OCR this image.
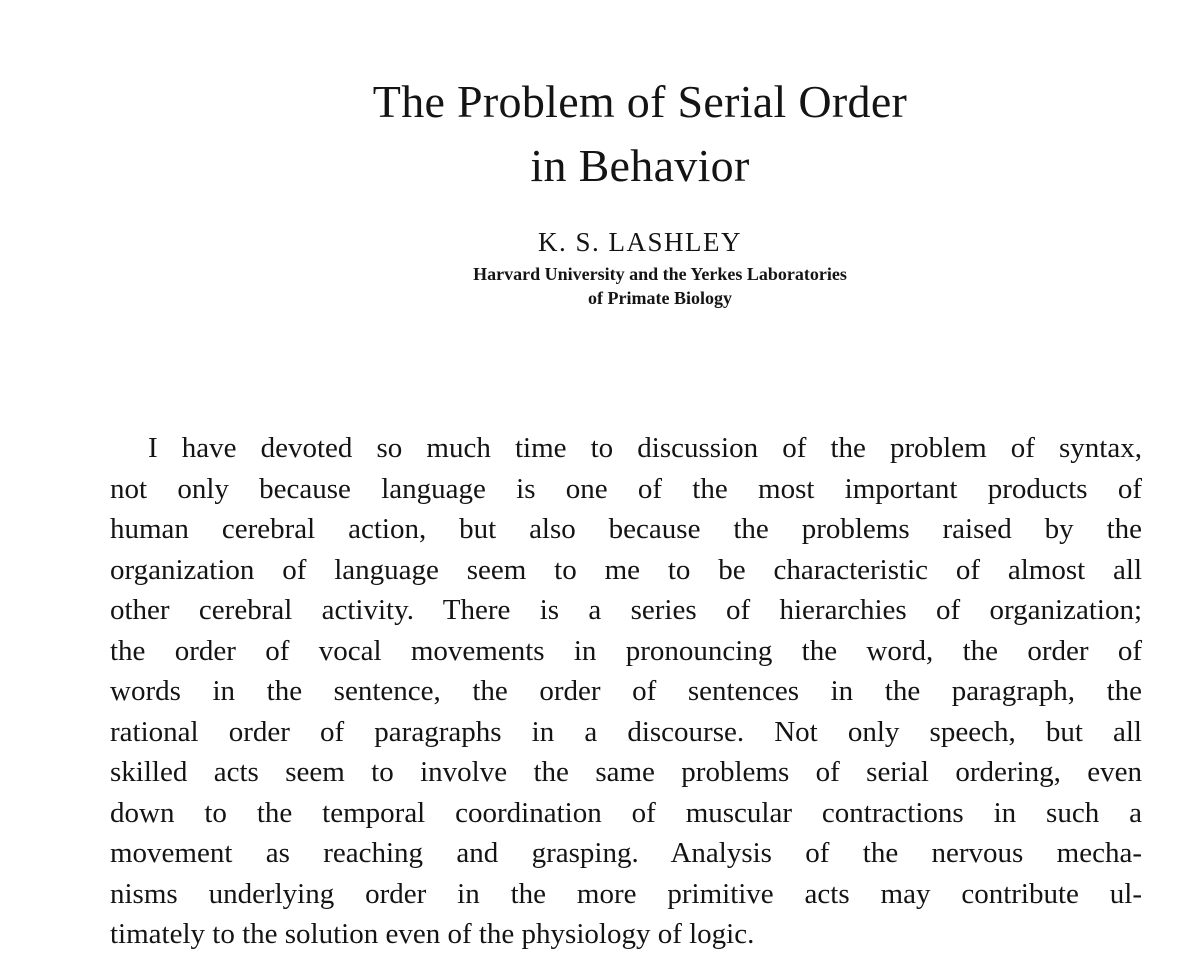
The Problem of Serial Order
in Behavior

K. S. LASHLEY

Harvard University and the Yerkes Laboratories
of Primate Biology

I have devoted so much time to discussion of the problem of syntax,
not only because language is one of the most important products of
human cerebral action, but also because the problems raised by the
organization of language seem to me to be characteristic of almost all
other cerebral activity. There is a series of hierarchies of organization;
the order of vocal movements in pronouncing the word, the order of
words in the sentence, the order of sentences in the paragraph, the
rational order of paragraphs in a discourse. Not only speech, but all
skilled acts seem to involve the same problems of serial ordering, even
down to the temporal coordination of muscular contractions in such a
movement as reaching and grasping. Analysis of the nervous mecha-
nisms underlying order in the more primitive acts may contribute ul-
timately to the solution even of the physiology of logic.
